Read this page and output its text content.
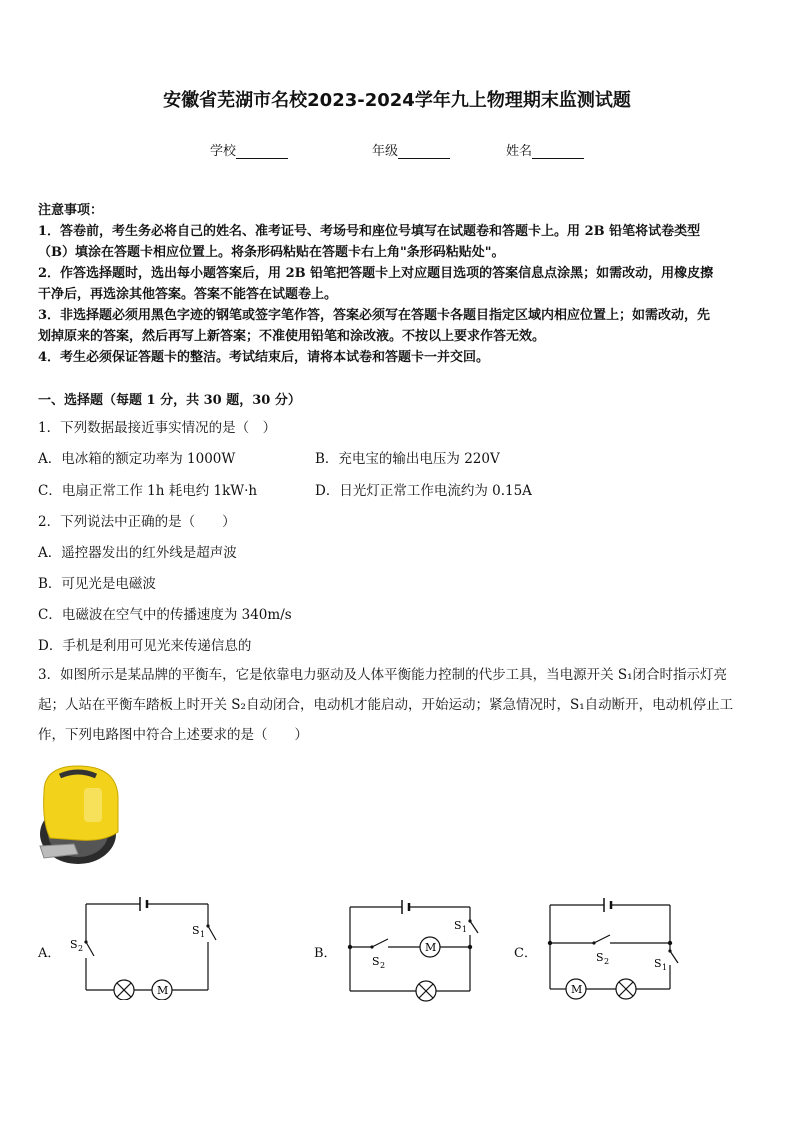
安徽省芜湖市名校2023-2024学年九上物理期末监测试题
学校	年级	姓名
注意事项：
1．答卷前，考生务必将自己的姓名、准考证号、考场号和座位号填写在试题卷和答题卡上。用 2B 铅笔将试卷类型
（B）填涂在答题卡相应位置上。将条形码粘贴在答题卡右上角"条形码粘贴处"。
2．作答选择题时，选出每小题答案后，用 2B 铅笔把答题卡上对应题目选项的答案信息点涂黑；如需改动，用橡皮擦
干净后，再选涂其他答案。答案不能答在试题卷上。
3．非选择题必须用黑色字迹的钢笔或签字笔作答，答案必须写在答题卡各题目指定区域内相应位置上；如需改动，先
划掉原来的答案，然后再写上新答案；不准使用铅笔和涂改液。不按以上要求作答无效。
4．考生必须保证答题卡的整洁。考试结束后，请将本试卷和答题卡一并交回。
一、选择题（每题 1 分，共 30 题，30 分）
1．下列数据最接近事实情况的是（　）
A．电冰箱的额定功率为 1000W	B．充电宝的输出电压为 220V
C．电扇正常工作 1h 耗电约 1kW·h	D．日光灯正常工作电流约为 0.15A
2．下列说法中正确的是（　　）
A．遥控器发出的红外线是超声波
B．可见光是电磁波
C．电磁波在空气中的传播速度为 340m/s
D．手机是利用可见光来传递信息的
3．如图所示是某品牌的平衡车，它是依靠电力驱动及人体平衡能力控制的代步工具，当电源开关 S₁闭合时指示灯亮
起；人站在平衡车踏板上时开关 S₂自动闭合，电动机才能启动，开始运动；紧急情况时，S₁自动断开，电动机停止工
作，下列电路图中符合上述要求的是（　　）
A．
M
S 2
S 1
B．	M
S 2
S 1
C．
M
S 2	S 1
